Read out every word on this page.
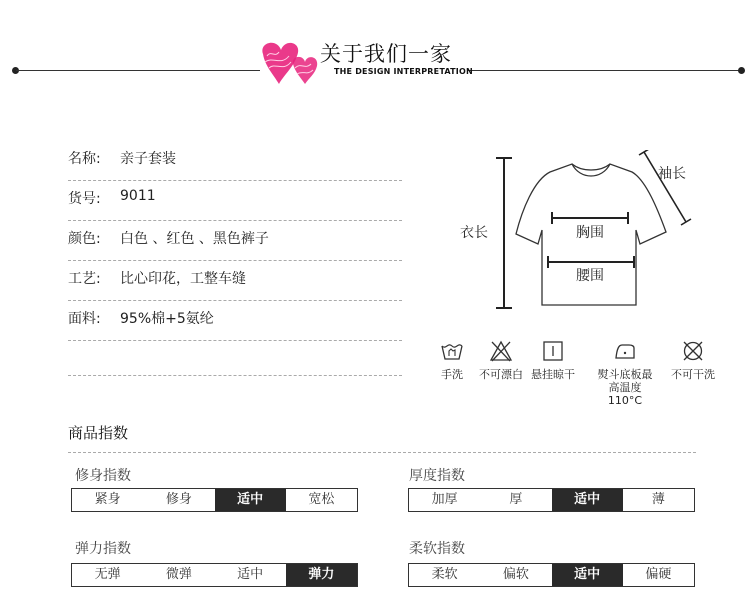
关于我们一家
THE DESIGN INTERPRETATION
名称: 亲子套装
货号: 9011
颜色: 白色 、红色 、黑色裤子
工艺: 比心印花，工整车缝
面料: 95%棉+5氨纶
衣长
袖长
胸围
腰围
手洗	不可漂白 悬挂晾干	熨斗底板最高温度110°C
不可干洗
商品指数
修身指数
紧身	修身	适中	宽松
厚度指数
加厚	厚	适中	薄
弹力指数
无弹	微弹	适中	弹力
柔软指数
柔软	偏软	适中	偏硬
